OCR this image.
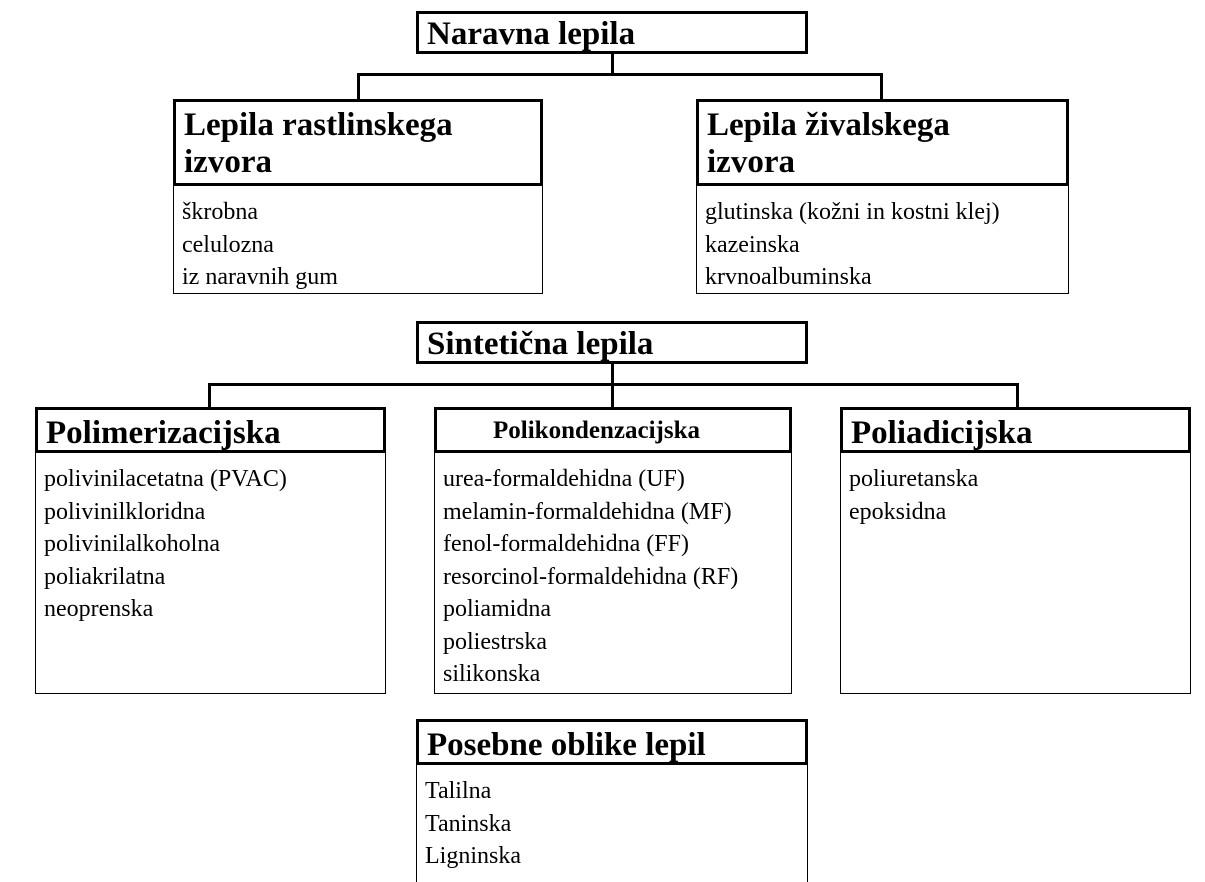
Naravna lepila
Lepila rastlinskega
izvora
škrobna
celulozna
iz naravnih gum
Lepila živalskega
izvora
glutinska (kožni in kostni klej)
kazeinska
krvnoalbuminska
Sintetična lepila
Polimerizacijska
polivinilacetatna (PVAC)
polivinilkloridna
polivinilalkoholna
poliakrilatna
neoprenska
Polikondenzacijska
urea-formaldehidna (UF)
melamin-formaldehidna (MF)
fenol-formaldehidna (FF)
resorcinol-formaldehidna (RF)
poliamidna
poliestrska
silikonska
Poliadicijska
poliuretanska
epoksidna
Posebne oblike lepil
Talilna
Taninska
Ligninska
